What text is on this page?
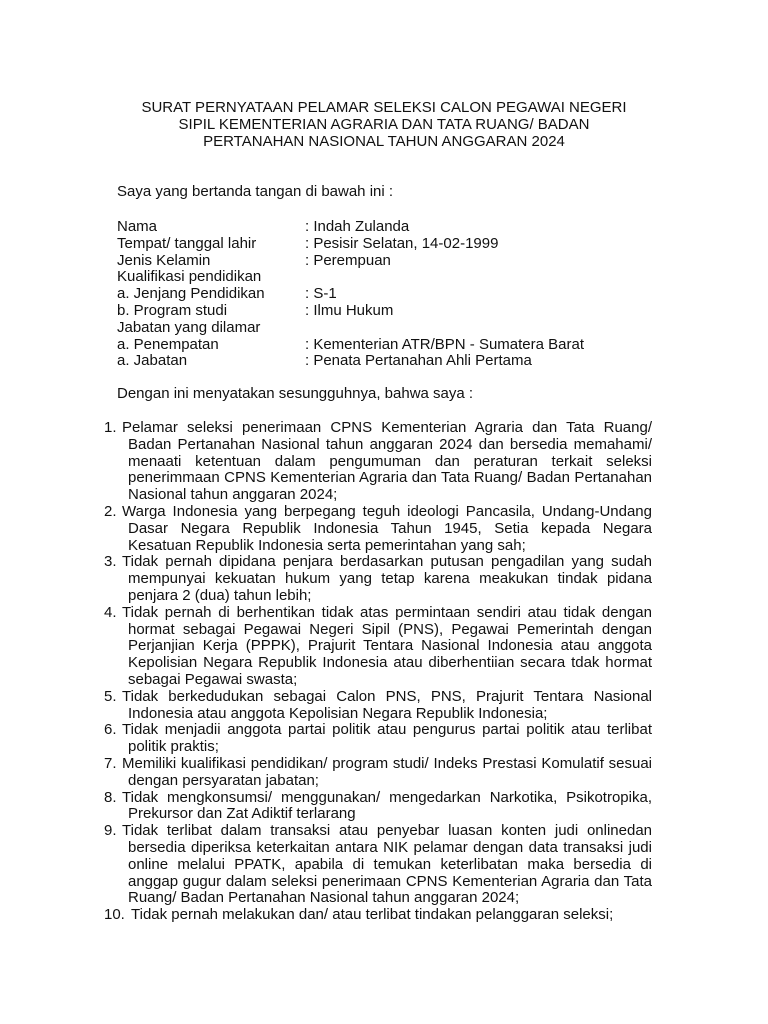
SURAT PERNYATAAN PELAMAR SELEKSI CALON PEGAWAI NEGERI
SIPIL KEMENTERIAN AGRARIA DAN TATA RUANG/ BADAN
PERTANAHAN NASIONAL TAHUN ANGGARAN 2024
Saya yang bertanda tangan di bawah ini :
Nama	: Indah Zulanda
Tempat/ tanggal lahir	: Pesisir Selatan, 14-02-1999
Jenis Kelamin	: Perempuan
Kualifikasi pendidikan
a. Jenjang Pendidikan	: S-1
b. Program studi	: Ilmu Hukum
Jabatan yang dilamar
a. Penempatan	: Kementerian ATR/BPN - Sumatera Barat
a. Jabatan	: Penata Pertanahan Ahli Pertama
Dengan ini menyatakan sesungguhnya, bahwa saya :
1. Pelamar seleksi penerimaan CPNS Kementerian Agraria dan Tata Ruang/ Badan Pertanahan Nasional tahun anggaran 2024 dan bersedia memahami/ menaati ketentuan dalam pengumuman dan peraturan terkait seleksi penerimmaan CPNS Kementerian Agraria dan Tata Ruang/ Badan Pertanahan Nasional tahun anggaran 2024;
2. Warga Indonesia yang berpegang teguh ideologi Pancasila, Undang-Undang Dasar Negara Republik Indonesia Tahun 1945, Setia kepada Negara Kesatuan Republik Indonesia serta pemerintahan yang sah;
3. Tidak pernah dipidana penjara berdasarkan putusan pengadilan yang sudah mempunyai kekuatan hukum yang tetap karena meakukan tindak pidana penjara 2 (dua) tahun lebih;
4. Tidak pernah di berhentikan tidak atas permintaan sendiri atau tidak dengan hormat sebagai Pegawai Negeri Sipil (PNS), Pegawai Pemerintah dengan Perjanjian Kerja (PPPK), Prajurit Tentara Nasional Indonesia atau anggota Kepolisian Negara Republik Indonesia atau diberhentiian secara tdak hormat sebagai Pegawai swasta;
5. Tidak berkedudukan sebagai Calon PNS, PNS, Prajurit Tentara Nasional Indonesia atau anggota Kepolisian Negara Republik Indonesia;
6. Tidak menjadii anggota partai politik atau pengurus partai politik atau terlibat politik praktis;
7. Memiliki kualifikasi pendidikan/ program studi/ Indeks Prestasi Komulatif sesuai dengan persyaratan jabatan;
8. Tidak mengkonsumsi/ menggunakan/ mengedarkan Narkotika, Psikotropika, Prekursor dan Zat Adiktif terlarang
9. Tidak terlibat dalam transaksi atau penyebar luasan konten judi onlinedan bersedia diperiksa keterkaitan antara NIK pelamar dengan data transaksi judi online melalui PPATK, apabila di temukan keterlibatan maka bersedia di anggap gugur dalam seleksi penerimaan CPNS Kementerian Agraria dan Tata Ruang/ Badan Pertanahan Nasional tahun anggaran 2024;
10. Tidak pernah melakukan dan/ atau terlibat tindakan pelanggaran seleksi;
